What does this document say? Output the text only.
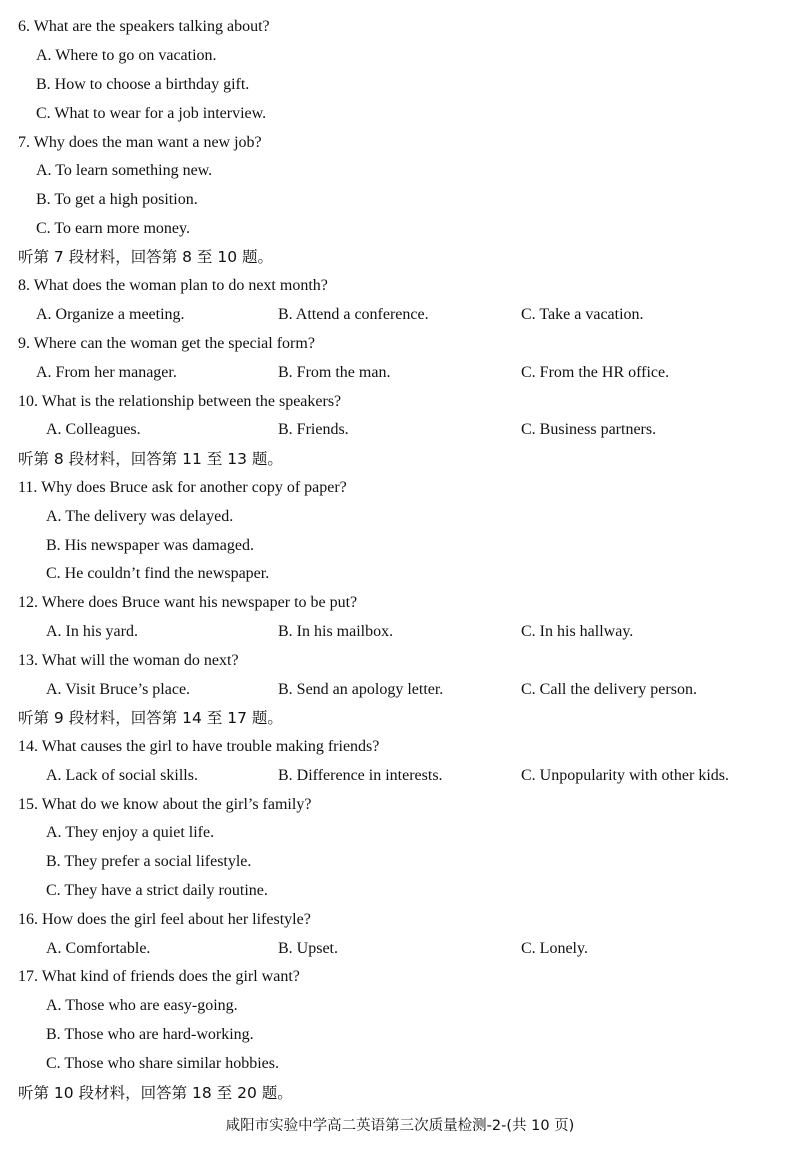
6. What are the speakers talking about?
A. Where to go on vacation.
B. How to choose a birthday gift.
C. What to wear for a job interview.
7. Why does the man want a new job?
A. To learn something new.
B. To get a high position.
C. To earn more money.
听第 7 段材料，回答第 8 至 10 题。
8. What does the woman plan to do next month?
A. Organize a meeting.	B. Attend a conference.	C. Take a vacation.
9. Where can the woman get the special form?
A. From her manager.	B. From the man.	C. From the HR office.
10. What is the relationship between the speakers?
A. Colleagues.	B. Friends.	C. Business partners.
听第 8 段材料，回答第 11 至 13 题。
11. Why does Bruce ask for another copy of paper?
A. The delivery was delayed.
B. His newspaper was damaged.
C. He couldn’t find the newspaper.
12. Where does Bruce want his newspaper to be put?
A. In his yard.	B. In his mailbox.	C. In his hallway.
13. What will the woman do next?
A. Visit Bruce’s place.	B. Send an apology letter.	C. Call the delivery person.
听第 9 段材料，回答第 14 至 17 题。
14. What causes the girl to have trouble making friends?
A. Lack of social skills.	B. Difference in interests.	C. Unpopularity with other kids.
15. What do we know about the girl’s family?
A. They enjoy a quiet life.
B. They prefer a social lifestyle.
C. They have a strict daily routine.
16. How does the girl feel about her lifestyle?
A. Comfortable.	B. Upset.	C. Lonely.
17. What kind of friends does the girl want?
A. Those who are easy-going.
B. Those who are hard-working.
C. Those who share similar hobbies.
听第 10 段材料，回答第 18 至 20 题。
咸阳市实验中学高二英语第三次质量检测-2-(共 10 页)
